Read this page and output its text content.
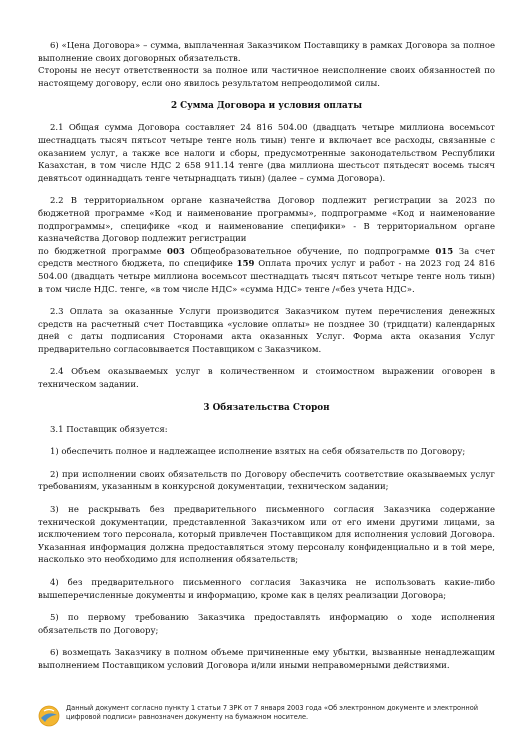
6) «Цена Договора» – сумма, выплаченная Заказчиком Поставщику в рамках Договора за полное выполнение своих договорных обязательств.

Стороны не несут ответственности за полное или частичное неисполнение своих обязанностей по настоящему договору, если оно явилось результатом непреодолимой силы.

2 Сумма Договора и условия оплаты

2.1 Общая сумма Договора составляет 24 816 504.00 (двадцать четыре миллиона восемьсот шестнадцать тысяч пятьсот четыре тенге ноль тиын) тенге и включает все расходы, связанные с оказанием услуг, а также все налоги и сборы, предусмотренные законодательством Республики Казахстан, в том числе НДС 2 658 911.14 тенге (два миллиона шестьсот пятьдесят восемь тысяч девятьсот одиннадцать тенге четырнадцать тиын) (далее – сумма Договора).

2.2 В территориальном органе казначейства Договор подлежит регистрации за 2023 по бюджетной программе «Код и наименование программы», подпрограмме «Код и наименование подпрограммы», специфике «код и наименование специфики» - В территориальном органе казначейства Договор подлежит регистрации

по бюджетной программе 003 Общеобразовательное обучение, по подпрограмме 015 За счет средств местного бюджета, по специфике 159 Оплата прочих услуг и работ - на 2023 год 24 816 504.00 (двадцать четыре миллиона восемьсот шестнадцать тысяч пятьсот четыре тенге ноль тиын) в том числе НДС. тенге, «в том числе НДС» «сумма НДС» тенге /«без учета НДС».

2.3 Оплата за оказанные Услуги производится Заказчиком путем перечисления денежных средств на расчетный счет Поставщика «условие оплаты» не позднее 30 (тридцати) календарных дней с даты подписания Сторонами акта оказанных Услуг. Форма акта оказания Услуг предварительно согласовывается Поставщиком с Заказчиком.

2.4 Объем оказываемых услуг в количественном и стоимостном выражении оговорен в техническом задании.

3 Обязательства Сторон

3.1 Поставщик обязуется:

1) обеспечить полное и надлежащее исполнение взятых на себя обязательств по Договору;

2) при исполнении своих обязательств по Договору обеспечить соответствие оказываемых услуг требованиям, указанным в конкурсной документации, техническом задании;

3) не раскрывать без предварительного письменного согласия Заказчика содержание технической документации, представленной Заказчиком или от его имени другими лицами, за исключением того персонала, который привлечен Поставщиком для исполнения условий Договора. Указанная информация должна предоставляться этому персоналу конфиденциально и в той мере, насколько это необходимо для исполнения обязательств;

4) без предварительного письменного согласия Заказчика не использовать какие-либо вышеперечисленные документы и информацию, кроме как в целях реализации Договора;

5) по первому требованию Заказчика предоставлять информацию о ходе исполнения обязательств по Договору;

6) возмещать Заказчику в полном объеме причиненные ему убытки, вызванные ненадлежащим выполнением Поставщиком условий Договора и/или иными неправомерными действиями.

Данный документ согласно пункту 1 статьи 7 ЗРК от 7 января 2003 года «Об электронном документе и электронной цифровой подписи» равнозначен документу на бумажном носителе.
